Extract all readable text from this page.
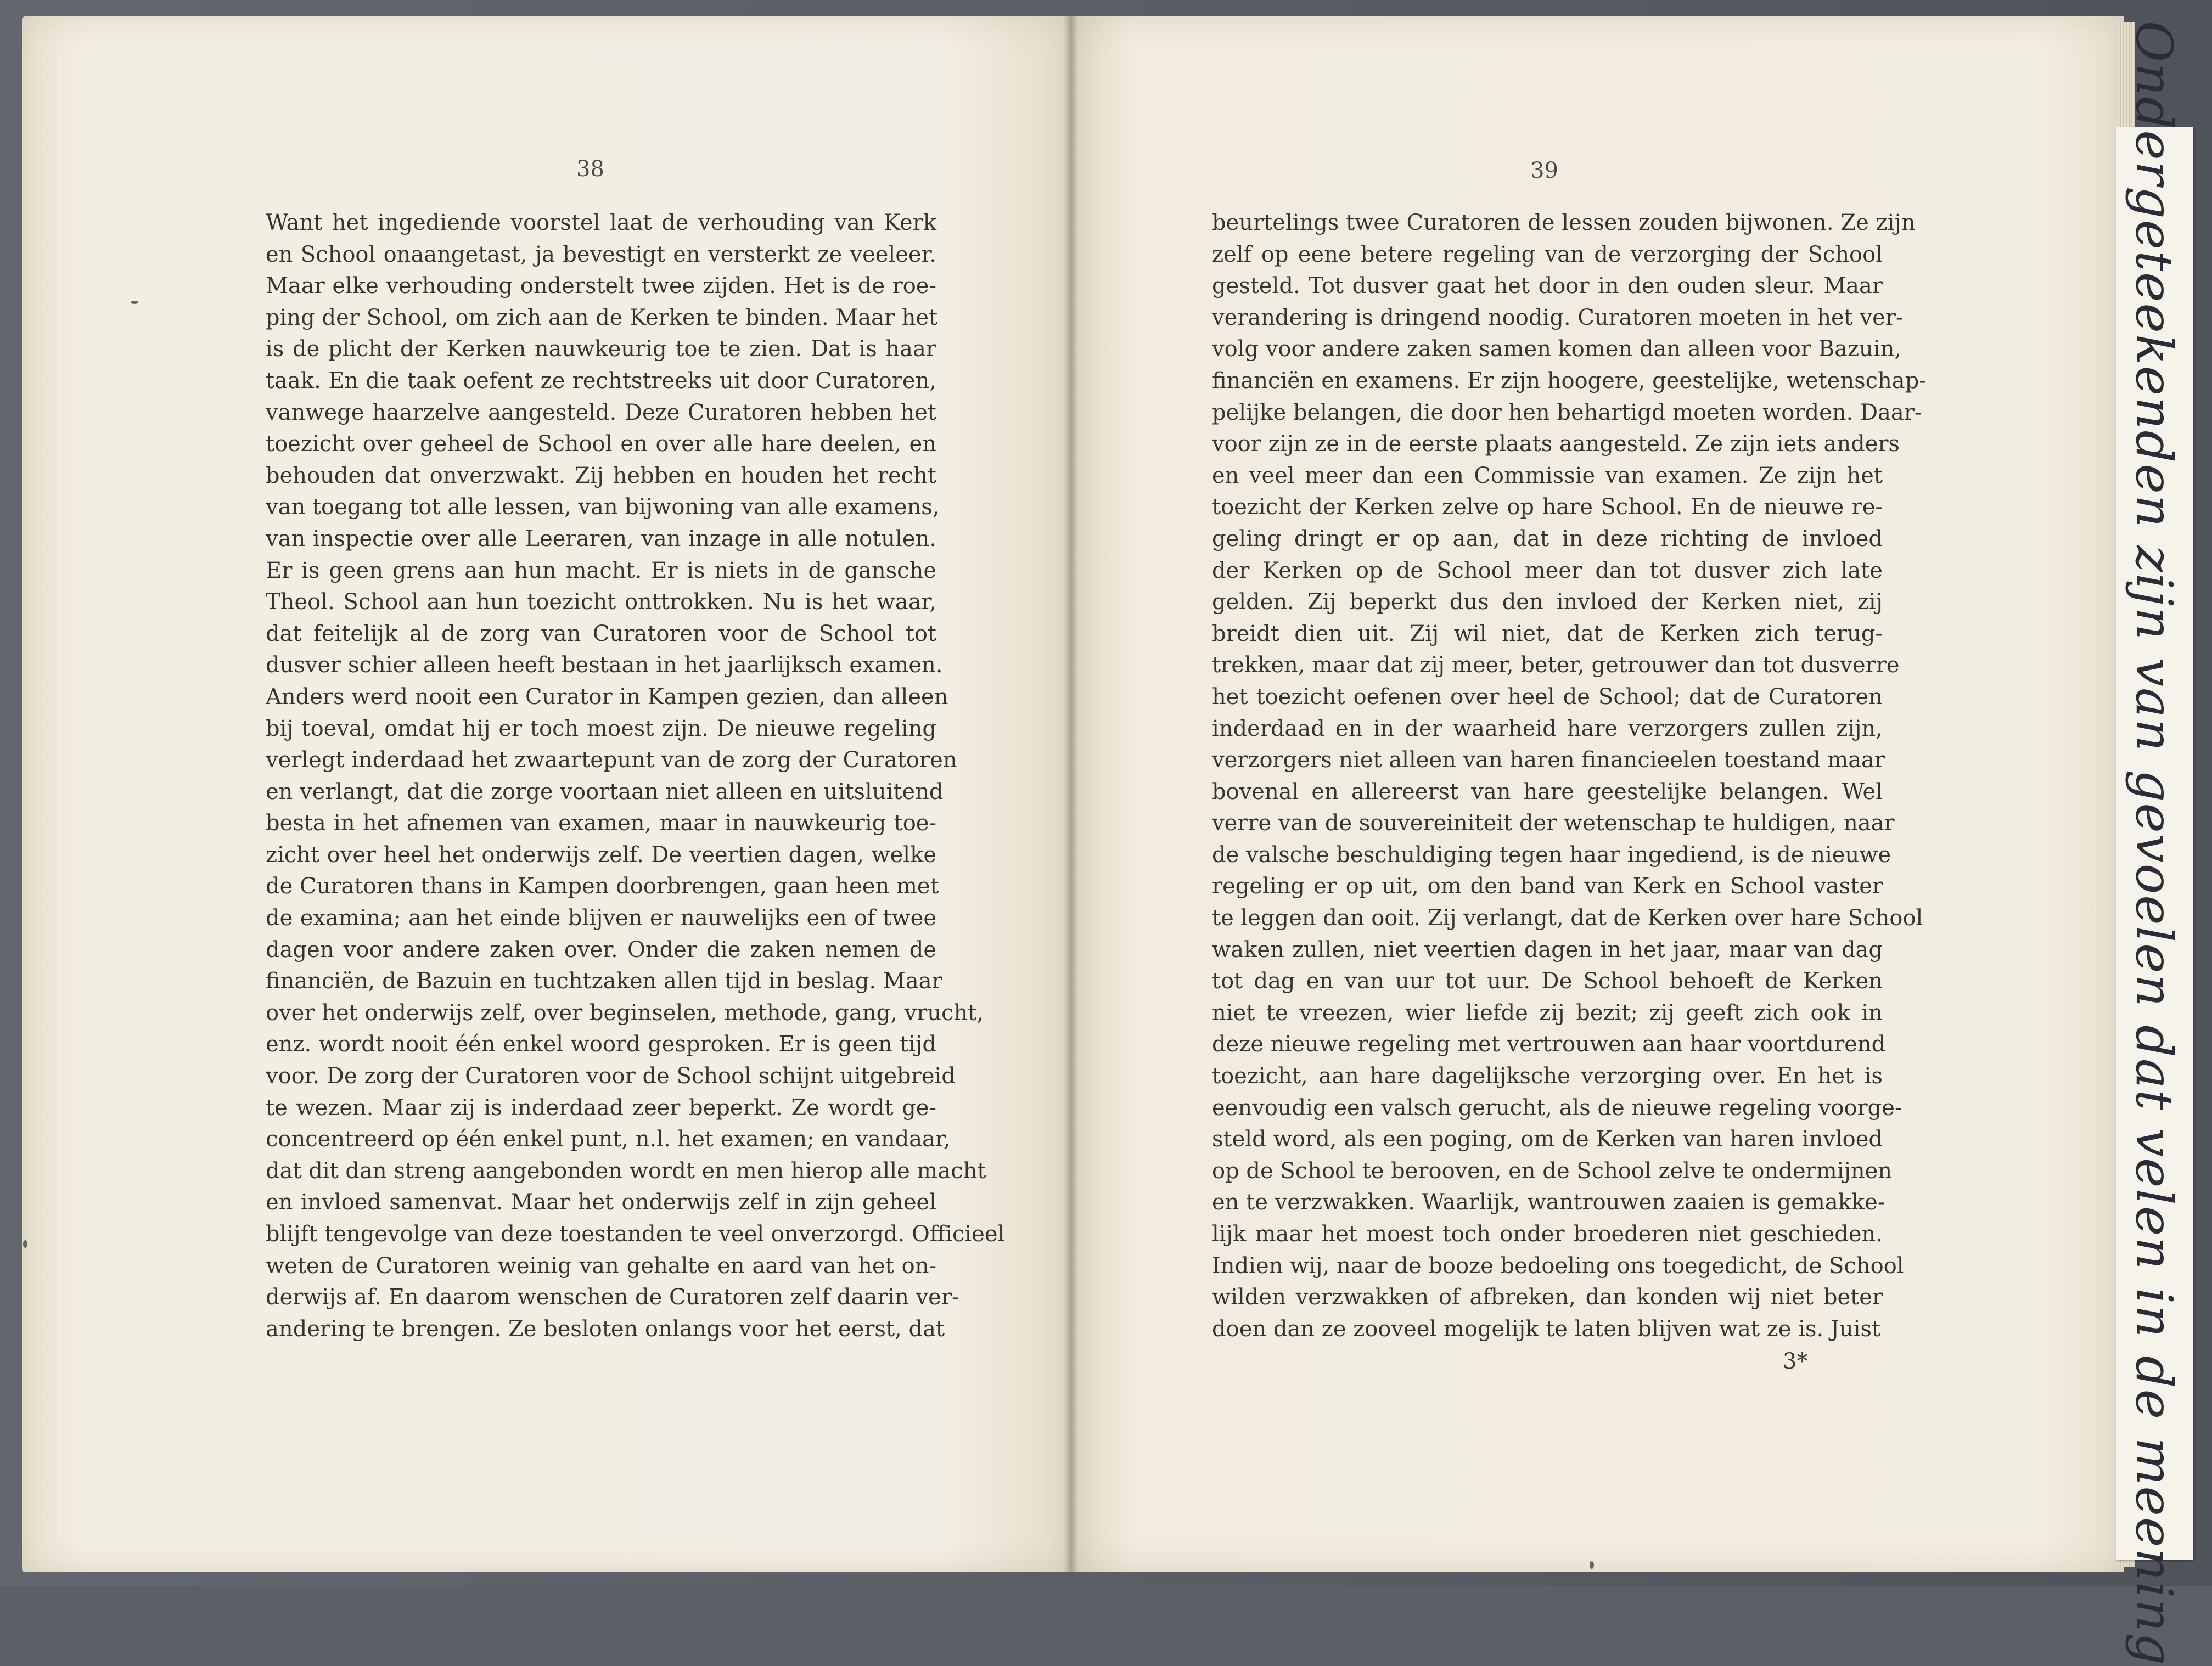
38
Want het ingediende voorstel laat de verhouding van Kerk
en School onaangetast, ja bevestigt en versterkt ze veeleer.
Maar elke verhouding onderstelt twee zijden. Het is de roe-
ping der School, om zich aan de Kerken te binden. Maar het
is de plicht der Kerken nauwkeurig toe te zien. Dat is haar
taak. En die taak oefent ze rechtstreeks uit door Curatoren,
vanwege haarzelve aangesteld. Deze Curatoren hebben het
toezicht over geheel de School en over alle hare deelen, en
behouden dat onverzwakt. Zij hebben en houden het recht
van toegang tot alle lessen, van bijwoning van alle examens,
van inspectie over alle Leeraren, van inzage in alle notulen.
Er is geen grens aan hun macht. Er is niets in de gansche
Theol. School aan hun toezicht onttrokken. Nu is het waar,
dat feitelijk al de zorg van Curatoren voor de School tot
dusver schier alleen heeft bestaan in het jaarlijksch examen.
Anders werd nooit een Curator in Kampen gezien, dan alleen
bij toeval, omdat hij er toch moest zijn. De nieuwe regeling
verlegt inderdaad het zwaartepunt van de zorg der Curatoren
en verlangt, dat die zorge voortaan niet alleen en uitsluitend
besta in het afnemen van examen, maar in nauwkeurig toe-
zicht over heel het onderwijs zelf. De veertien dagen, welke
de Curatoren thans in Kampen doorbrengen, gaan heen met
de examina; aan het einde blijven er nauwelijks een of twee
dagen voor andere zaken over. Onder die zaken nemen de
financiën, de Bazuin en tuchtzaken allen tijd in beslag. Maar
over het onderwijs zelf, over beginselen, methode, gang, vrucht,
enz. wordt nooit één enkel woord gesproken. Er is geen tijd
voor. De zorg der Curatoren voor de School schijnt uitgebreid
te wezen. Maar zij is inderdaad zeer beperkt. Ze wordt ge-
concentreerd op één enkel punt, n.l. het examen; en vandaar,
dat dit dan streng aangebonden wordt en men hierop alle macht
en invloed samenvat. Maar het onderwijs zelf in zijn geheel
blijft tengevolge van deze toestanden te veel onverzorgd. Officieel
weten de Curatoren weinig van gehalte en aard van het on-
derwijs af. En daarom wenschen de Curatoren zelf daarin ver-
andering te brengen. Ze besloten onlangs voor het eerst, dat
39
beurtelings twee Curatoren de lessen zouden bijwonen. Ze zijn
zelf op eene betere regeling van de verzorging der School
gesteld. Tot dusver gaat het door in den ouden sleur. Maar
verandering is dringend noodig. Curatoren moeten in het ver-
volg voor andere zaken samen komen dan alleen voor Bazuin,
financiën en examens. Er zijn hoogere, geestelijke, wetenschap-
pelijke belangen, die door hen behartigd moeten worden. Daar-
voor zijn ze in de eerste plaats aangesteld. Ze zijn iets anders
en veel meer dan een Commissie van examen. Ze zijn het
toezicht der Kerken zelve op hare School. En de nieuwe re-
geling dringt er op aan, dat in deze richting de invloed
der Kerken op de School meer dan tot dusver zich late
gelden. Zij beperkt dus den invloed der Kerken niet, zij
breidt dien uit. Zij wil niet, dat de Kerken zich terug-
trekken, maar dat zij meer, beter, getrouwer dan tot dusverre
het toezicht oefenen over heel de School; dat de Curatoren
inderdaad en in der waarheid hare verzorgers zullen zijn,
verzorgers niet alleen van haren financieelen toestand maar
bovenal en allereerst van hare geestelijke belangen. Wel
verre van de souvereiniteit der wetenschap te huldigen, naar
de valsche beschuldiging tegen haar ingediend, is de nieuwe
regeling er op uit, om den band van Kerk en School vaster
te leggen dan ooit. Zij verlangt, dat de Kerken over hare School
waken zullen, niet veertien dagen in het jaar, maar van dag
tot dag en van uur tot uur. De School behoeft de Kerken
niet te vreezen, wier liefde zij bezit; zij geeft zich ook in
deze nieuwe regeling met vertrouwen aan haar voortdurend
toezicht, aan hare dagelijksche verzorging over. En het is
eenvoudig een valsch gerucht, als de nieuwe regeling voorge-
steld word, als een poging, om de Kerken van haren invloed
op de School te berooven, en de School zelve te ondermijnen
en te verzwakken. Waarlijk, wantrouwen zaaien is gemakke-
lijk maar het moest toch onder broederen niet geschieden.
Indien wij, naar de booze bedoeling ons toegedicht, de School
wilden verzwakken of afbreken, dan konden wij niet beter
doen dan ze zooveel mogelijk te laten blijven wat ze is. Juist
3*	Ondergeteekenden zijn van gevoelen dat velen in de meening
